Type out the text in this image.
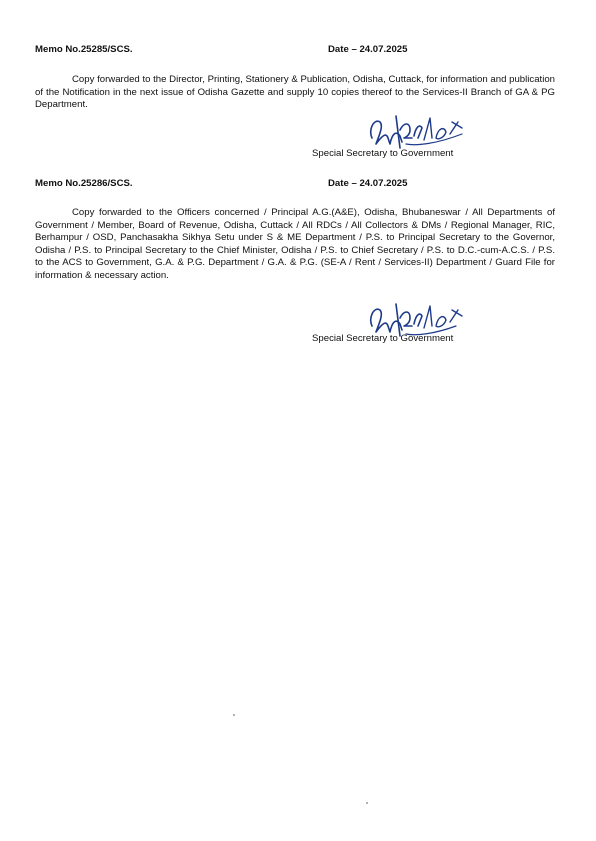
Memo No.25285/SCS.	Date – 24.07.2025

Copy forwarded to the Director, Printing, Stationery & Publication, Odisha, Cuttack, for information and publication of the Notification in the next issue of Odisha Gazette and supply 10 copies thereof to the Services-II Branch of GA & PG Department.

Special Secretary to Government
Memo No.25286/SCS.	Date – 24.07.2025

Copy forwarded to the Officers concerned / Principal A.G.(A&E), Odisha, Bhubaneswar / All Departments of Government / Member, Board of Revenue, Odisha, Cuttack / All RDCs / All Collectors & DMs / Regional Manager, RIC, Berhampur / OSD, Panchasakha Sikhya Setu under S & ME Department / P.S. to Principal Secretary to the Governor, Odisha / P.S. to Principal Secretary to the Chief Minister, Odisha / P.S. to Chief Secretary / P.S. to D.C.-cum-A.C.S. / P.S. to the ACS to Government, G.A. & P.G. Department / G.A. & P.G. (SE-A / Rent / Services-II) Department / Guard File for information & necessary action.

Special Secretary to Government
